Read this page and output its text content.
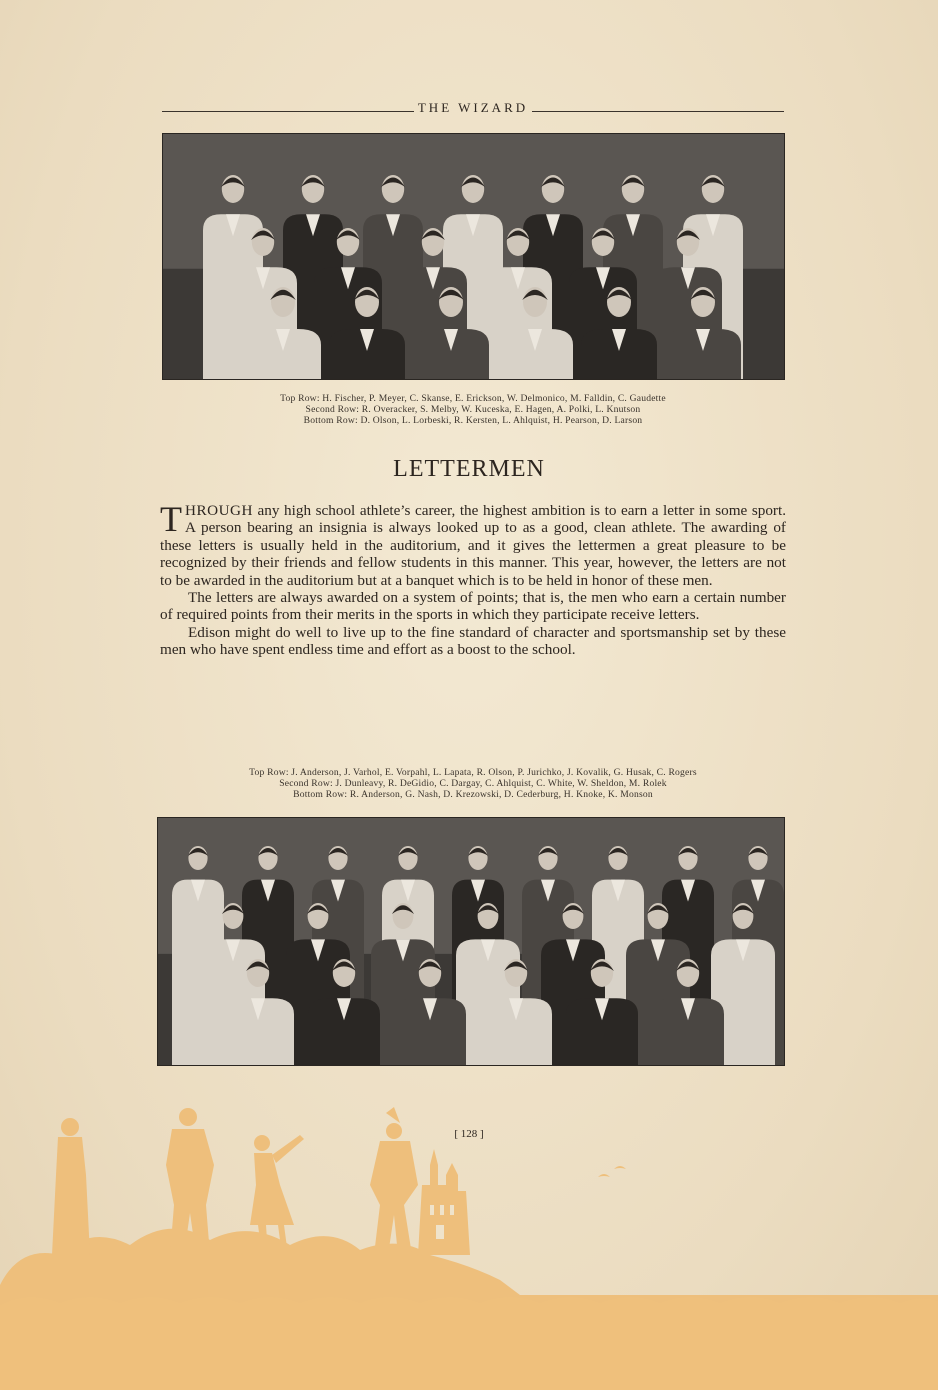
THE WIZARD
Top Row: H. Fischer, P. Meyer, C. Skanse, E. Erickson, W. Delmonico, M. Falldin, C. Gaudette
Second Row: R. Overacker, S. Melby, W. Kuceska, E. Hagen, A. Polki, L. Knutson
Bottom Row: D. Olson, L. Lorbeski, R. Kersten, L. Ahlquist, H. Pearson, D. Larson
LETTERMEN

THROUGH any high school athlete’s career, the highest ambition is to earn a letter in some sport. A person bearing an insignia is always looked up to as a good, clean athlete. The awarding of these letters is usually held in the auditorium, and it gives the lettermen a great pleasure to be recognized by their friends and fellow students in this manner. This year, however, the letters are not to be awarded in the auditorium but at a banquet which is to be held in honor of these men.

The letters are always awarded on a system of points; that is, the men who earn a certain number of required points from their merits in the sports in which they participate receive letters.

Edison might do well to live up to the fine standard of character and sportsmanship set by these men who have spent endless time and effort as a boost to the school.

Top Row: J. Anderson, J. Varhol, E. Vorpahl, L. Lapata, R. Olson, P. Jurichko, J. Kovalik, G. Husak, C. Rogers
Second Row: J. Dunleavy, R. DeGidio, C. Dargay, C. Ahlquist, C. White, W. Sheldon, M. Rolek
Bottom Row: R. Anderson, G. Nash, D. Krezowski, D. Cederburg, H. Knoke, K. Monson
[ 128 ]
